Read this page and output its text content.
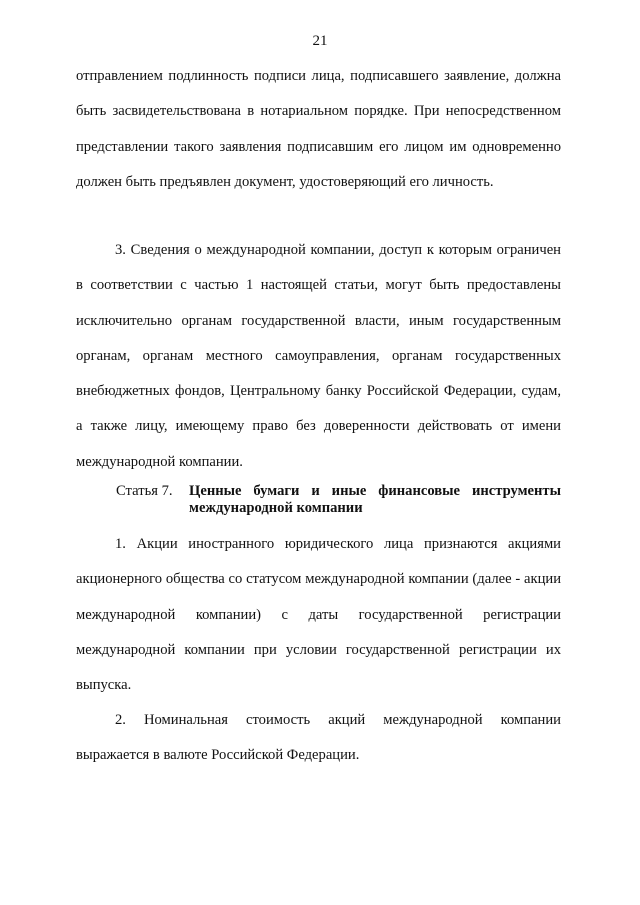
21

отправлением подлинность подписи лица, подписавшего заявление, должна быть засвидетельствована в нотариальном порядке. При непосредственном представлении такого заявления подписавшим его лицом им одновременно должен быть предъявлен документ, удостоверяющий его личность.

3. Сведения о международной компании, доступ к которым ограничен в соответствии с частью 1 настоящей статьи, могут быть предоставлены исключительно органам государственной власти, иным государственным органам, органам местного самоуправления, органам государственных внебюджетных фондов, Центральному банку Российской Федерации, судам, а также лицу, имеющему право без доверенности действовать от имени международной компании.

Статья 7. Ценные бумаги и иные финансовые инструменты международной компании

1. Акции иностранного юридического лица признаются акциями акционерного общества со статусом международной компании (далее - акции международной компании) с даты государственной регистрации международной компании при условии государственной регистрации их выпуска.

2. Номинальная стоимость акций международной компании выражается в валюте Российской Федерации.
